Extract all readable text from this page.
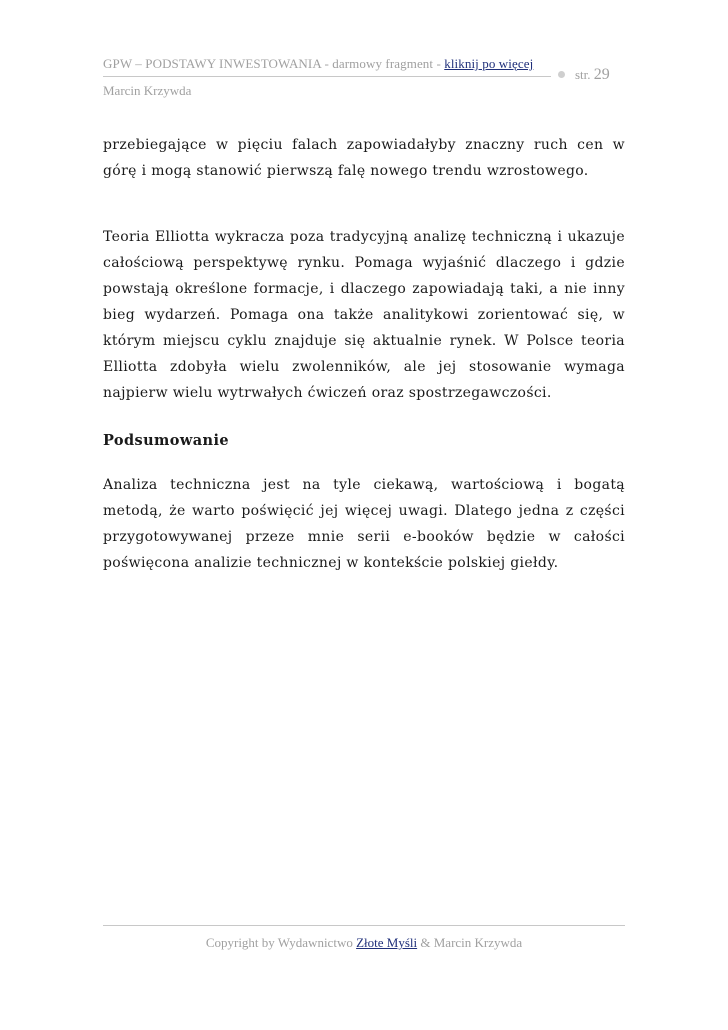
GPW – PODSTAWY INWESTOWANIA - darmowy fragment - kliknij po więcej
str. 29
Marcin Krzywda

przebiegające w pięciu falach zapowiadałyby znaczny ruch cen w górę i mogą stanowić pierwszą falę nowego trendu wzrostowego.

Teoria Elliotta wykracza poza tradycyjną analizę techniczną i ukazuje całościową perspektywę rynku. Pomaga wyjaśnić dlaczego i gdzie powstają określone formacje, i dlaczego zapowiadają taki, a nie inny bieg wydarzeń. Pomaga ona także analitykowi zorientować się, w którym miejscu cyklu znajduje się aktualnie rynek. W Polsce teoria Elliotta zdobyła wielu zwolenników, ale jej stosowanie wymaga najpierw wielu wytrwałych ćwiczeń oraz spostrzegawczości.

Podsumowanie

Analiza techniczna jest na tyle ciekawą, wartościową i bogatą metodą, że warto poświęcić jej więcej uwagi. Dlatego jedna z części przygotowywanej przeze mnie serii e-booków będzie w całości poświęcona analizie technicznej w kontekście polskiej giełdy.

Copyright by Wydawnictwo Złote Myśli & Marcin Krzywda
